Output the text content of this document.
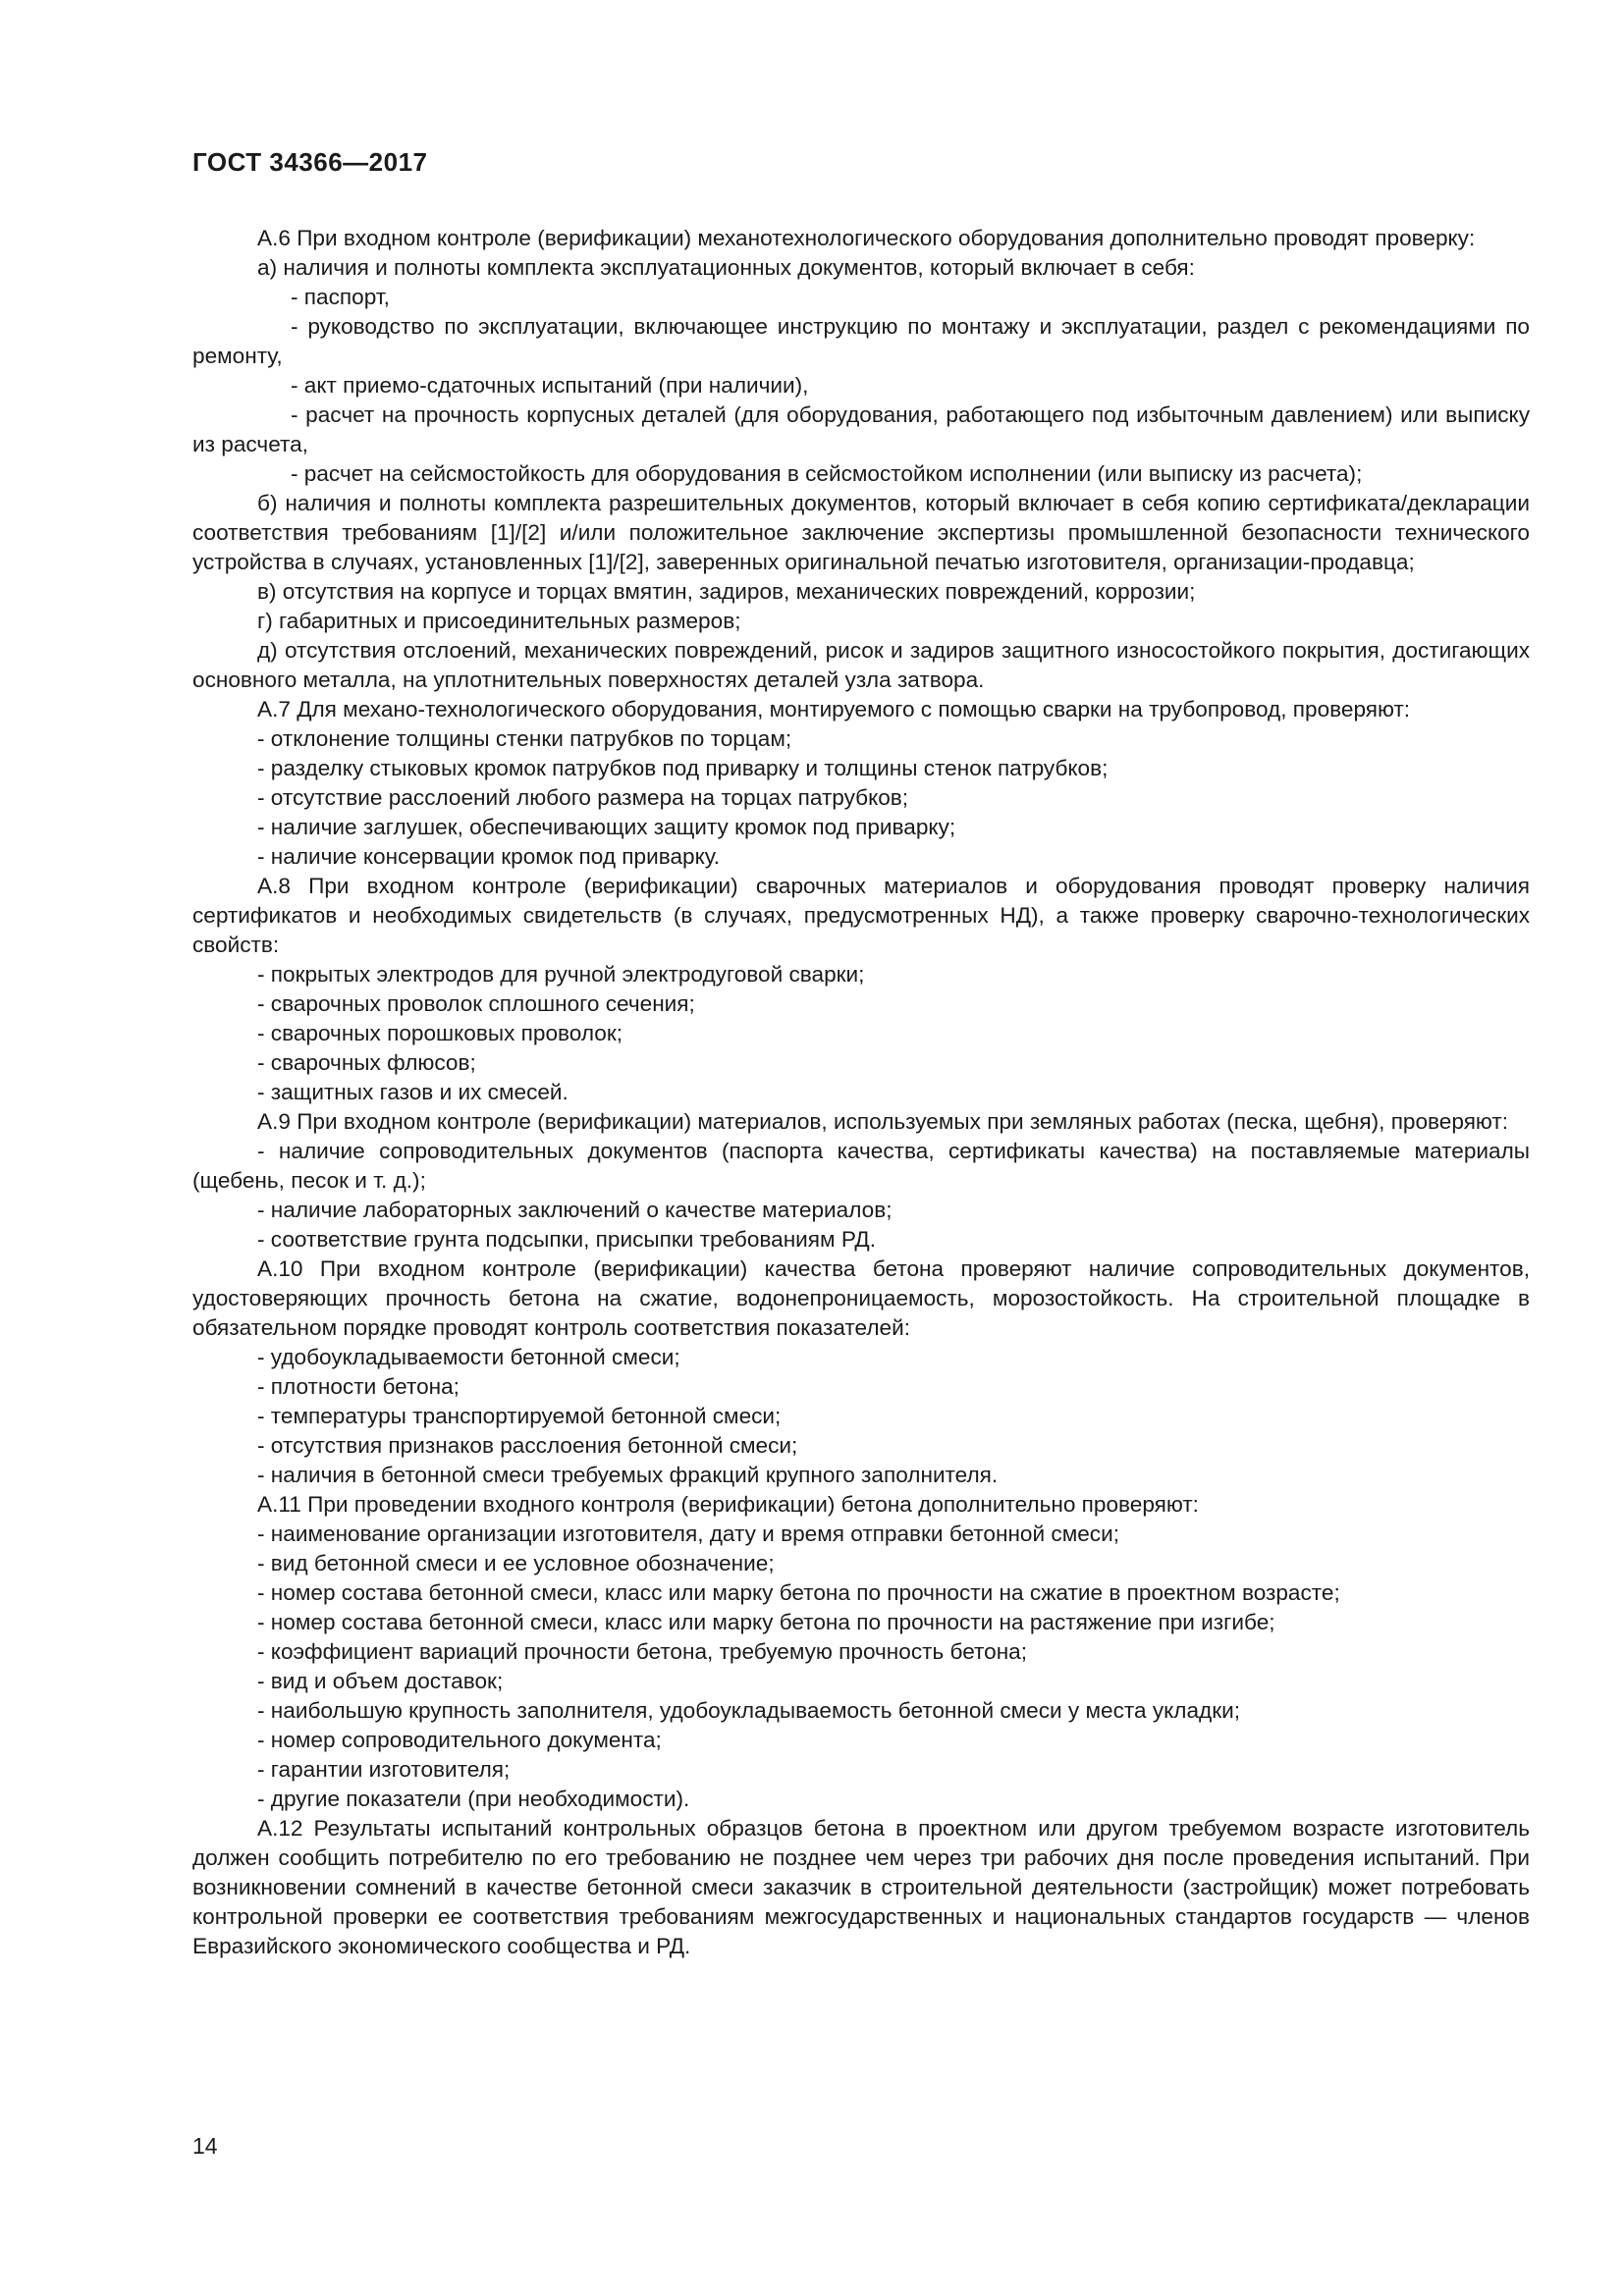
ГОСТ 34366—2017

А.6 При входном контроле (верификации) механотехнологического оборудования дополнительно проводят проверку:

а) наличия и полноты комплекта эксплуатационных документов, который включает в себя:

- паспорт,

- руководство по эксплуатации, включающее инструкцию по монтажу и эксплуатации, раздел с рекомендациями по ремонту,

- акт приемо-сдаточных испытаний (при наличии),

- расчет на прочность корпусных деталей (для оборудования, работающего под избыточным давлением) или выписку из расчета,

- расчет на сейсмостойкость для оборудования в сейсмостойком исполнении (или выписку из расчета);

б) наличия и полноты комплекта разрешительных документов, который включает в себя копию сертификата/декларации соответствия требованиям [1]/[2] и/или положительное заключение экспертизы промышленной безопасности технического устройства в случаях, установленных [1]/[2], заверенных оригинальной печатью изготовителя, организации-продавца;

в) отсутствия на корпусе и торцах вмятин, задиров, механических повреждений, коррозии;

г) габаритных и присоединительных размеров;

д) отсутствия отслоений, механических повреждений, рисок и задиров защитного износостойкого покрытия, достигающих основного металла, на уплотнительных поверхностях деталей узла затвора.

А.7 Для механо-технологического оборудования, монтируемого с помощью сварки на трубопровод, проверяют:

- отклонение толщины стенки патрубков по торцам;

- разделку стыковых кромок патрубков под приварку и толщины стенок патрубков;

- отсутствие расслоений любого размера на торцах патрубков;

- наличие заглушек, обеспечивающих защиту кромок под приварку;

- наличие консервации кромок под приварку.

А.8 При входном контроле (верификации) сварочных материалов и оборудования проводят проверку наличия сертификатов и необходимых свидетельств (в случаях, предусмотренных НД), а также проверку сварочно-технологических свойств:

- покрытых электродов для ручной электродуговой сварки;

- сварочных проволок сплошного сечения;

- сварочных порошковых проволок;

- сварочных флюсов;

- защитных газов и их смесей.

А.9 При входном контроле (верификации) материалов, используемых при земляных работах (песка, щебня), проверяют:

- наличие сопроводительных документов (паспорта качества, сертификаты качества) на поставляемые материалы (щебень, песок и т. д.);

- наличие лабораторных заключений о качестве материалов;

- соответствие грунта подсыпки, присыпки требованиям РД.

А.10 При входном контроле (верификации) качества бетона проверяют наличие сопроводительных документов, удостоверяющих прочность бетона на сжатие, водонепроницаемость, морозостойкость. На строительной площадке в обязательном порядке проводят контроль соответствия показателей:

- удобоукладываемости бетонной смеси;

- плотности бетона;

- температуры транспортируемой бетонной смеси;

- отсутствия признаков расслоения бетонной смеси;

- наличия в бетонной смеси требуемых фракций крупного заполнителя.

А.11 При проведении входного контроля (верификации) бетона дополнительно проверяют:

- наименование организации изготовителя, дату и время отправки бетонной смеси;

- вид бетонной смеси и ее условное обозначение;

- номер состава бетонной смеси, класс или марку бетона по прочности на сжатие в проектном возрасте;

- номер состава бетонной смеси, класс или марку бетона по прочности на растяжение при изгибе;

- коэффициент вариаций прочности бетона, требуемую прочность бетона;

- вид и объем доставок;

- наибольшую крупность заполнителя, удобоукладываемость бетонной смеси у места укладки;

- номер сопроводительного документа;

- гарантии изготовителя;

- другие показатели (при необходимости).

А.12 Результаты испытаний контрольных образцов бетона в проектном или другом требуемом возрасте изготовитель должен сообщить потребителю по его требованию не позднее чем через три рабочих дня после проведения испытаний. При возникновении сомнений в качестве бетонной смеси заказчик в строительной деятельности (застройщик) может потребовать контрольной проверки ее соответствия требованиям межгосударственных и национальных стандартов государств — членов Евразийского экономического сообщества и РД.

14
